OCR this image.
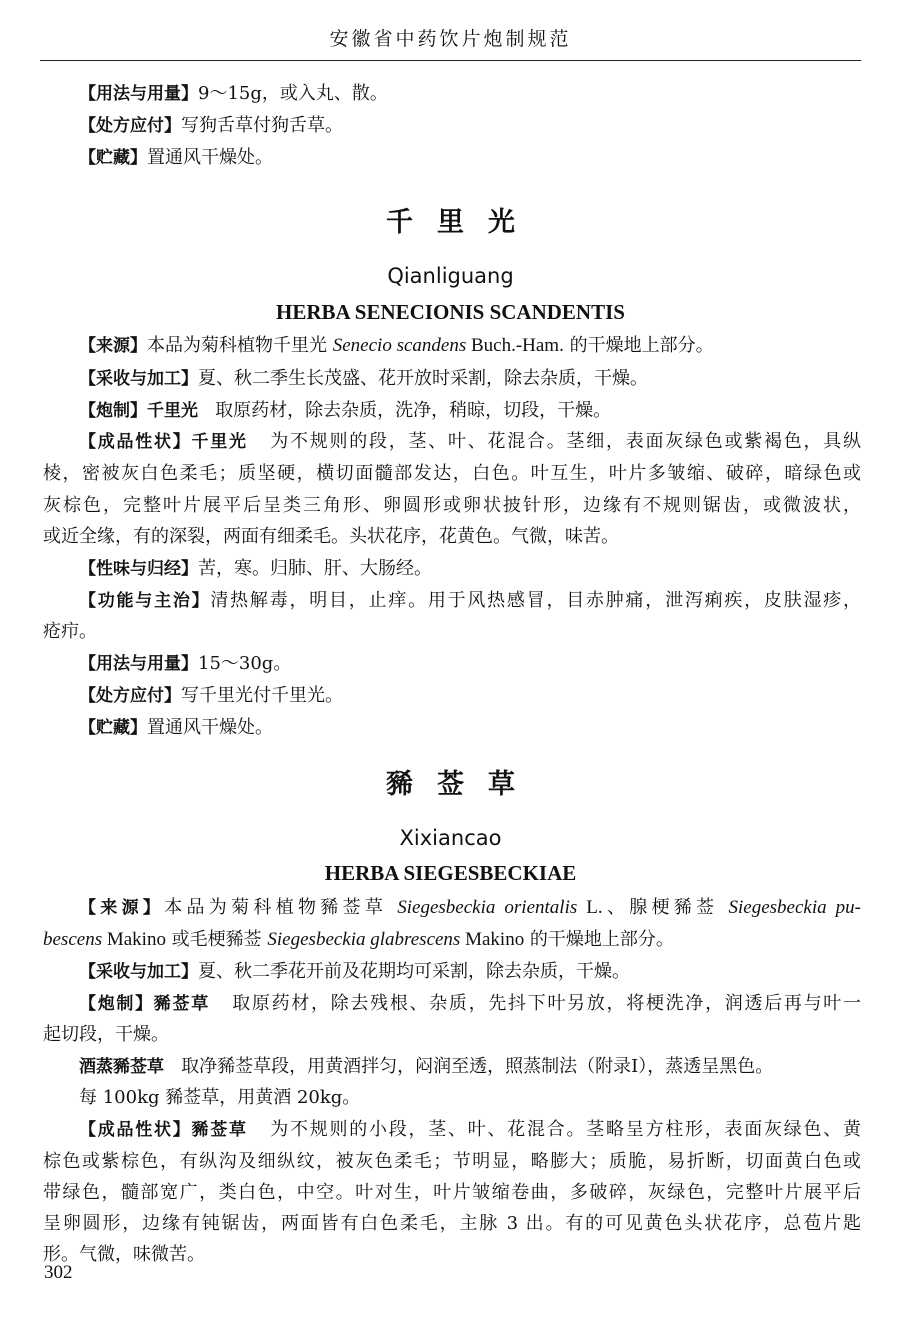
安徽省中药饮片炮制规范
【用法与用量】9～15g，或入丸、散。
【处方应付】写狗舌草付狗舌草。
【贮藏】置通风干燥处。
千里光
Qianliguang
HERBA SENECIONIS SCANDENTIS
【来源】本品为菊科植物千里光 Senecio scandens Buch.-Ham. 的干燥地上部分。
【采收与加工】夏、秋二季生长茂盛、花开放时采割，除去杂质，干燥。
【炮制】千里光 取原药材，除去杂质，洗净，稍晾，切段，干燥。
【成品性状】千里光 为不规则的段，茎、叶、花混合。茎细，表面灰绿色或紫褐色，具纵
棱，密被灰白色柔毛；质坚硬，横切面髓部发达，白色。叶互生，叶片多皱缩、破碎，暗绿色或
灰棕色，完整叶片展平后呈类三角形、卵圆形或卵状披针形，边缘有不规则锯齿，或微波状，
或近全缘，有的深裂，两面有细柔毛。头状花序，花黄色。气微，味苦。
【性味与归经】苦，寒。归肺、肝、大肠经。
【功能与主治】清热解毒，明目，止痒。用于风热感冒，目赤肿痛，泄泻痢疾，皮肤湿疹，
疮疖。
【用法与用量】15～30g。
【处方应付】写千里光付千里光。
【贮藏】置通风干燥处。
豨莶草
Xixiancao
HERBA SIEGESBECKIAE
【来源】本品为菊科植物豨莶草 Siegesbeckia orientalis L.、腺梗豨莶 Siegesbeckia pu-
bescens Makino 或毛梗豨莶 Siegesbeckia glabrescens Makino 的干燥地上部分。
【采收与加工】夏、秋二季花开前及花期均可采割，除去杂质，干燥。
【炮制】豨莶草 取原药材，除去残根、杂质，先抖下叶另放，将梗洗净，润透后再与叶一
起切段，干燥。
酒蒸豨莶草 取净豨莶草段，用黄酒拌匀，闷润至透，照蒸制法（附录Ⅰ），蒸透呈黑色。
每 100kg 豨莶草，用黄酒 20kg。
【成品性状】豨莶草 为不规则的小段，茎、叶、花混合。茎略呈方柱形，表面灰绿色、黄
棕色或紫棕色，有纵沟及细纵纹，被灰色柔毛；节明显，略膨大；质脆，易折断，切面黄白色或
带绿色，髓部宽广，类白色，中空。叶对生，叶片皱缩卷曲，多破碎，灰绿色，完整叶片展平后
呈卵圆形，边缘有钝锯齿，两面皆有白色柔毛，主脉 3 出。有的可见黄色头状花序，总苞片匙
形。气微，味微苦。
302
